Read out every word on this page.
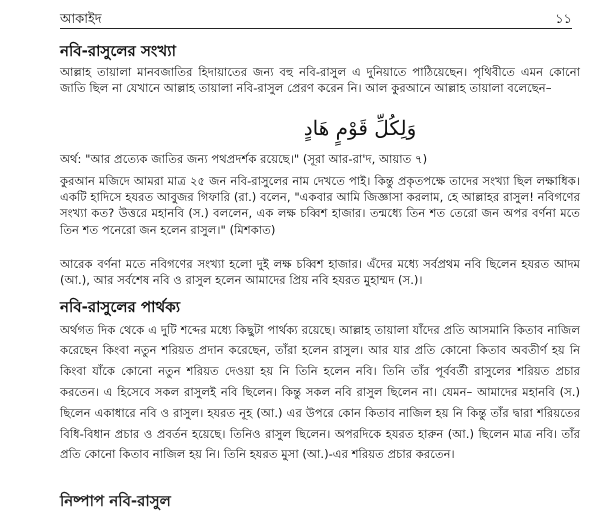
আকাইদ	১১
নবি-রাসুলের সংখ্যা

আল্লাহ তায়ালা মানবজাতির হিদায়াতের জন্য বহু নবি-রাসুল এ দুনিয়াতে পাঠিয়েছেন। পৃথিবীতে এমন কোনো জাতি ছিল না যেখানে আল্লাহ তায়ালা নবি-রাসুল প্রেরণ করেন নি। আল কুরআনে আল্লাহ তায়ালা বলেছেন–

وَلِكُلِّ قَوْمٍ هَادٍ

অর্থ: "আর প্রত্যেক জাতির জন্য পথপ্রদর্শক রয়েছে।" (সূরা আর-রা'দ, আয়াত ৭)

কুরআন মজিদে আমরা মাত্র ২৫ জন নবি-রাসুলের নাম দেখতে পাই। কিন্তু প্রকৃতপক্ষে তাদের সংখ্যা ছিল লক্ষাধিক। একটি হাদিসে হযরত আবুজর গিফারি (রা.) বলেন, "একবার আমি জিজ্ঞাসা করলাম, হে আল্লাহর রাসুল! নবিগণের সংখ্যা কত? উত্তরে মহানবি (স.) বললেন, এক লক্ষ চব্বিশ হাজার। তন্মধ্যে তিন শত তেরো জন অপর বর্ণনা মতে তিন শত পনেরো জন হলেন রাসুল।" (মিশকাত)

আরেক বর্ণনা মতে নবিগণের সংখ্যা হলো দুই লক্ষ চব্বিশ হাজার। এঁদের মধ্যে সর্বপ্রথম নবি ছিলেন হযরত আদম (আ.), আর সর্বশেষ নবি ও রাসুল হলেন আমাদের প্রিয় নবি হযরত মুহাম্মদ (স.)।

নবি-রাসুলের পার্থক্য

অর্থগত দিক থেকে এ দুটি শব্দের মধ্যে কিছুটা পার্থক্য রয়েছে। আল্লাহ তায়ালা যাঁদের প্রতি আসমানি কিতাব নাজিল করেছেন কিংবা নতুন শরিয়ত প্রদান করেছেন, তাঁরা হলেন রাসুল। আর যার প্রতি কোনো কিতাব অবতীর্ণ হয় নি কিংবা যাঁকে কোনো নতুন শরিয়ত দেওয়া হয় নি তিনি হলেন নবি। তিনি তাঁর পূর্ববর্তী রাসুলের শরিয়ত প্রচার করতেন। এ হিসেবে সকল রাসুলই নবি ছিলেন। কিন্তু সকল নবি রাসুল ছিলেন না। যেমন– আমাদের মহানবি (স.) ছিলেন একাধারে নবি ও রাসুল। হযরত নূহ (আ.) এর উপরে কোন কিতাব নাজিল হয় নি কিন্তু তাঁর দ্বারা শরিয়তের বিধি-বিধান প্রচার ও প্রবর্তন হয়েছে। তিনিও রাসুল ছিলেন। অপরদিকে হযরত হারুন (আ.) ছিলেন মাত্র নবি। তাঁর প্রতি কোনো কিতাব নাজিল হয় নি। তিনি হযরত মুসা (আ.)-এর শরিয়ত প্রচার করতেন।

নিষ্পাপ নবি-রাসুল
